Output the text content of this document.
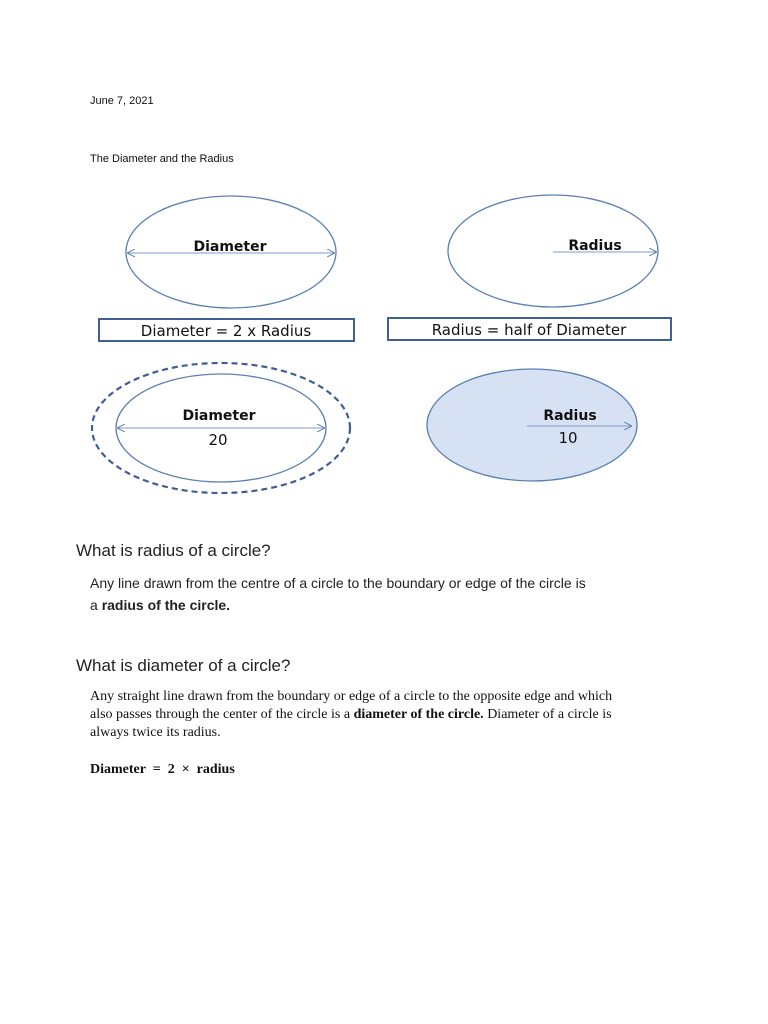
June 7, 2021
The Diameter and the Radius
Diameter	Radius
Diameter = 2 x Radius	Radius = half of Diameter
Diameter
20
Radius
10
What is radius of a circle?
Any line drawn from the centre of a circle to the boundary or edge of the circle is
a radius of the circle.
What is diameter of a circle?
Any straight line drawn from the boundary or edge of a circle to the opposite edge and which
also passes through the center of the circle is a diameter of the circle. Diameter of a circle is
always twice its radius.
Diameter  =  2  ×  radius
